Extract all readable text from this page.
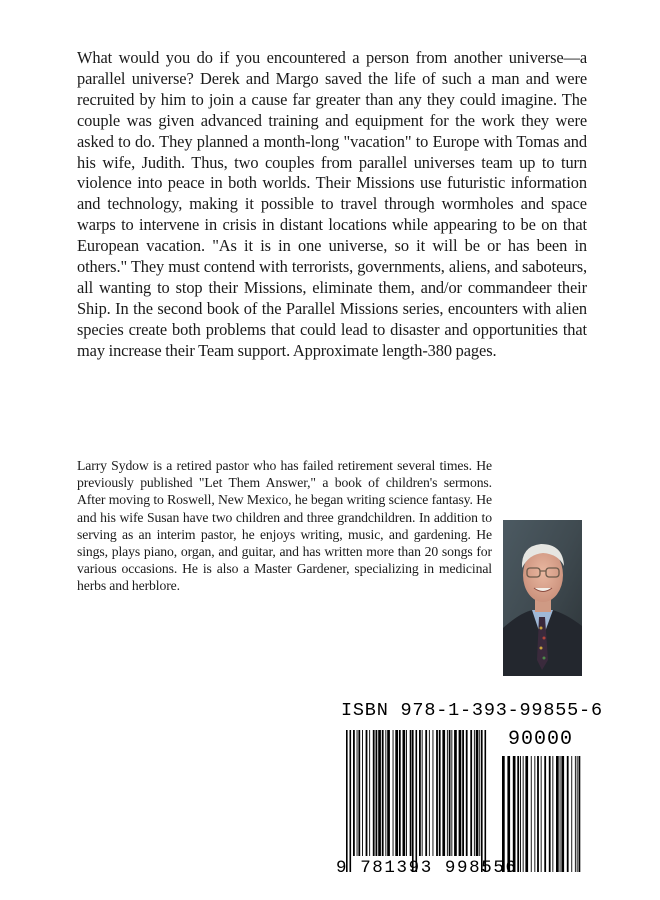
What would you do if you encountered a person from another universe—a parallel universe? Derek and Margo saved the life of such a man and were recruited by him to join a cause far greater than any they could imagine. The couple was given advanced training and equipment for the work they were asked to do. They planned a month-long "vacation" to Europe with Tomas and his wife, Judith. Thus, two couples from parallel universes team up to turn violence into peace in both worlds. Their Missions use futuristic information and technology, making it possible to travel through wormholes and space warps to intervene in crisis in distant locations while appearing to be on that European vacation. "As it is in one universe, so it will be or has been in others." They must contend with terrorists, governments, aliens, and saboteurs, all wanting to stop their Missions, eliminate them, and/or commandeer their Ship. In the second book of the Parallel Missions series, encounters with alien species create both problems that could lead to disaster and opportunities that may increase their Team support. Approximate length-380 pages.

Larry Sydow is a retired pastor who has failed retirement several times. He previously published "Let Them Answer," a book of children's sermons. After moving to Roswell, New Mexico, he began writing science fantasy. He and his wife Susan have two children and three grandchildren. In addition to serving as an interim pastor, he enjoys writing, music, and gardening. He sings, plays piano, organ, and guitar, and has written more than 20 songs for various occasions. He is also a Master Gardener, specializing in medicinal herbs and herblore.

ISBN 978-1-393-99855-6
90000
9 781393 998556
